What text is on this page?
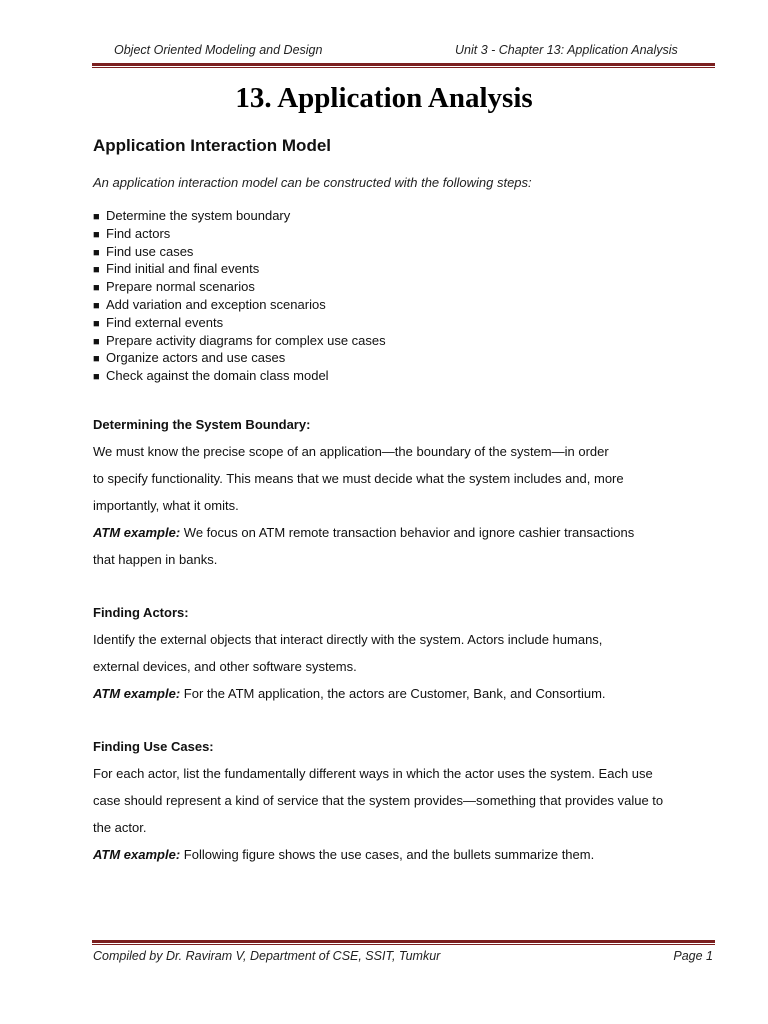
Object Oriented Modeling and Design	Unit 3 - Chapter 13: Application Analysis
13. Application Analysis
Application Interaction Model
An application interaction model can be constructed with the following steps:
■ Determine the system boundary
■ Find actors
■ Find use cases
■ Find initial and final events
■ Prepare normal scenarios
■ Add variation and exception scenarios
■ Find external events
■ Prepare activity diagrams for complex use cases
■ Organize actors and use cases
■ Check against the domain class model
Determining the System Boundary:
We must know the precise scope of an application—the boundary of the system—in order
to specify functionality. This means that we must decide what the system includes and, more
importantly, what it omits.
ATM example: We focus on ATM remote transaction behavior and ignore cashier transactions
that happen in banks.
Finding Actors:
Identify the external objects that interact directly with the system. Actors include humans,
external devices, and other software systems.
ATM example: For the ATM application, the actors are Customer, Bank, and Consortium.
Finding Use Cases:
For each actor, list the fundamentally different ways in which the actor uses the system. Each use
case should represent a kind of service that the system provides—something that provides value to
the actor.
ATM example: Following figure shows the use cases, and the bullets summarize them.
Compiled by Dr. Raviram V, Department of CSE, SSIT, Tumkur	Page 1
